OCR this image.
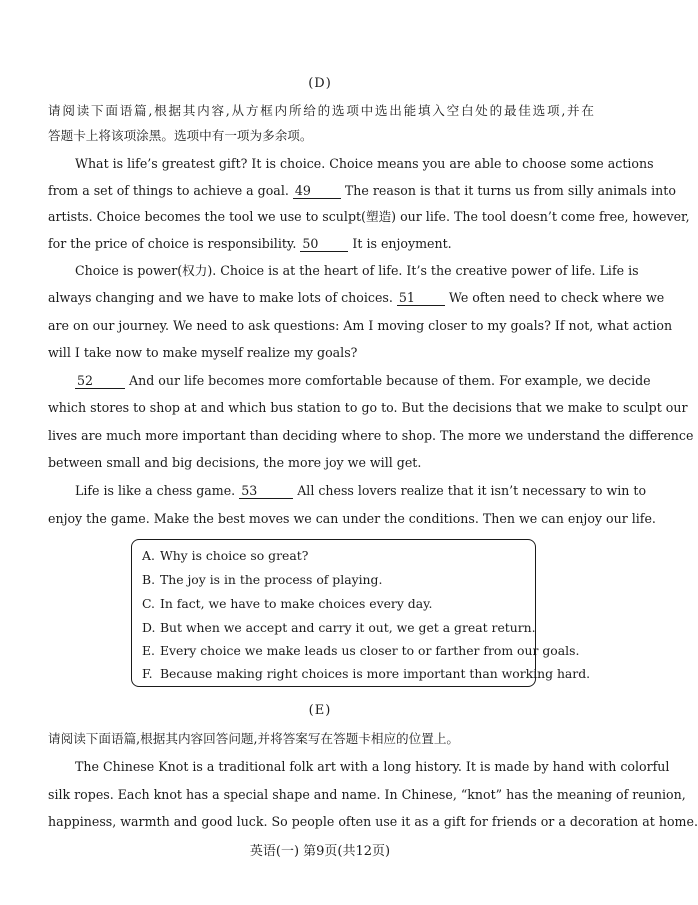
(D)
请阅读下面语篇,根据其内容,从方框内所给的选项中选出能填入空白处的最佳选项,并在
答题卡上将该项涂黑。选项中有一项为多余项。
What is life’s greatest gift? It is choice. Choice means you are able to choose some actions
from a set of things to achieve a goal. 49	The reason is that it turns us from silly animals into
artists. Choice becomes the tool we use to sculpt(塑造) our life. The tool doesn’t come free, however,
for the price of choice is responsibility. 50	It is enjoyment.
Choice is power(权力). Choice is at the heart of life. It’s the creative power of life. Life is
always changing and we have to make lots of choices. 51	We often need to check where we
are on our journey. We need to ask questions: Am I moving closer to my goals? If not, what action
will I take now to make myself realize my goals?
52	And our life becomes more comfortable because of them. For example, we decide
which stores to shop at and which bus station to go to. But the decisions that we make to sculpt our
lives are much more important than deciding where to shop. The more we understand the difference
between small and big decisions, the more joy we will get.
Life is like a chess game. 53	All chess lovers realize that it isn’t necessary to win to
enjoy the game. Make the best moves we can under the conditions. Then we can enjoy our life.
A. Why is choice so great?
B. The joy is in the process of playing.
C. In fact, we have to make choices every day.
D. But when we accept and carry it out, we get a great return.
E. Every choice we make leads us closer to or farther from our goals.
F. Because making right choices is more important than working hard.
(E)
请阅读下面语篇,根据其内容回答问题,并将答案写在答题卡相应的位置上。
The Chinese Knot is a traditional folk art with a long history. It is made by hand with colorful
silk ropes. Each knot has a special shape and name. In Chinese, “knot” has the meaning of reunion,
happiness, warmth and good luck. So people often use it as a gift for friends or a decoration at home.
英语(一) 第9页(共12页)
